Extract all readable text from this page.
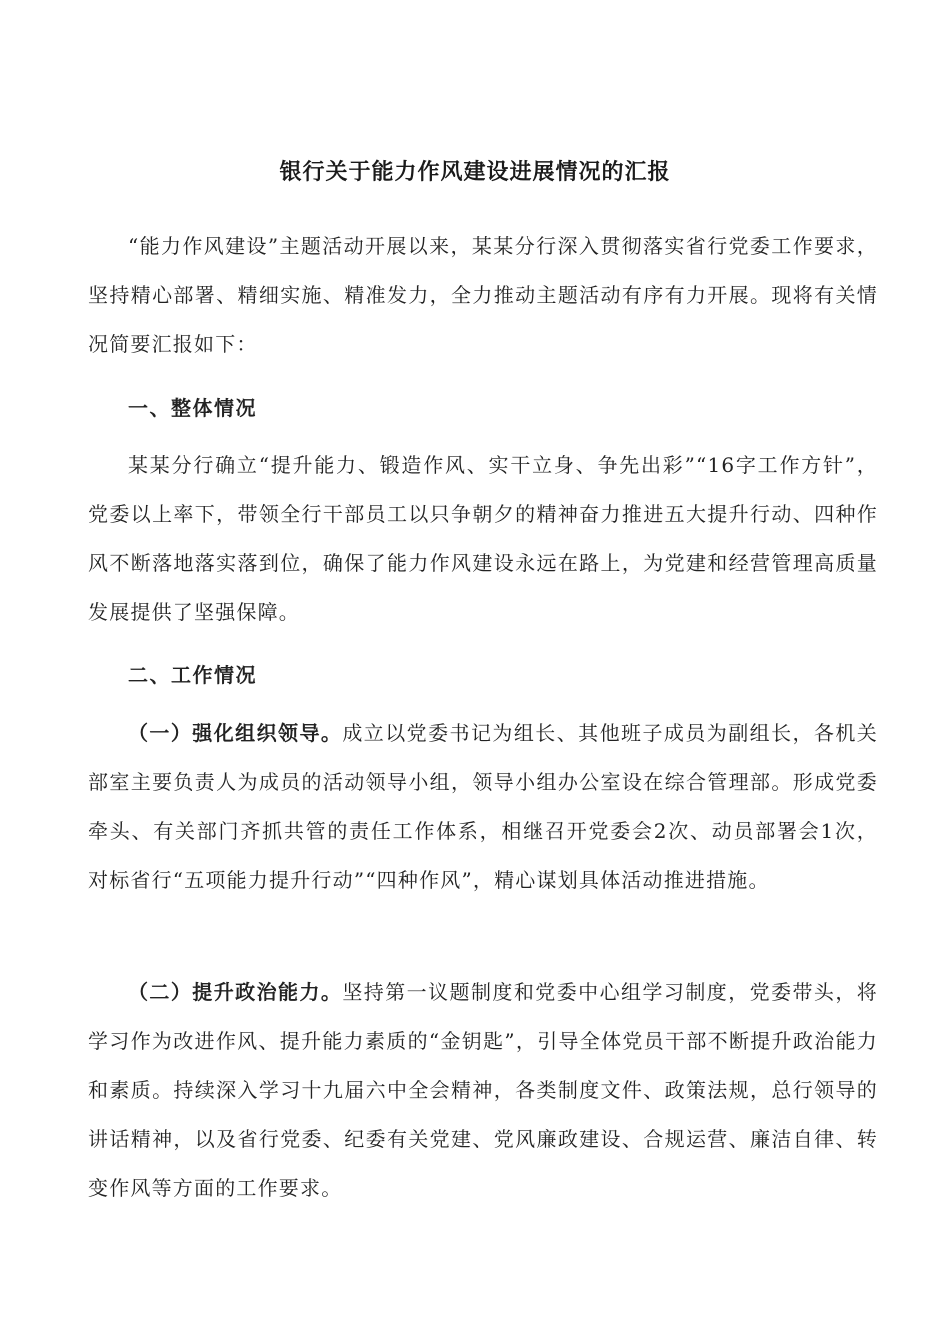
银行关于能力作风建设进展情况的汇报

“能力作风建设”主题活动开展以来，某某分行深入贯彻落实省行党委工作要求，坚持精心部署、精细实施、精准发力，全力推动主题活动有序有力开展。现将有关情况简要汇报如下：

一、整体情况

某某分行确立“提升能力、锻造作风、实干立身、争先出彩”“16字工作方针”，党委以上率下，带领全行干部员工以只争朝夕的精神奋力推进五大提升行动、四种作风不断落地落实落到位，确保了能力作风建设永远在路上，为党建和经营管理高质量发展提供了坚强保障。

二、工作情况

（一）强化组织领导。成立以党委书记为组长、其他班子成员为副组长，各机关部室主要负责人为成员的活动领导小组，领导小组办公室设在综合管理部。形成党委牵头、有关部门齐抓共管的责任工作体系，相继召开党委会2次、动员部署会1次，对标省行“五项能力提升行动”“四种作风”，精心谋划具体活动推进措施。

（二）提升政治能力。坚持第一议题制度和党委中心组学习制度，党委带头，将学习作为改进作风、提升能力素质的“金钥匙”，引导全体党员干部不断提升政治能力和素质。持续深入学习十九届六中全会精神，各类制度文件、政策法规，总行领导的讲话精神，以及省行党委、纪委有关党建、党风廉政建设、合规运营、廉洁自律、转变作风等方面的工作要求。
